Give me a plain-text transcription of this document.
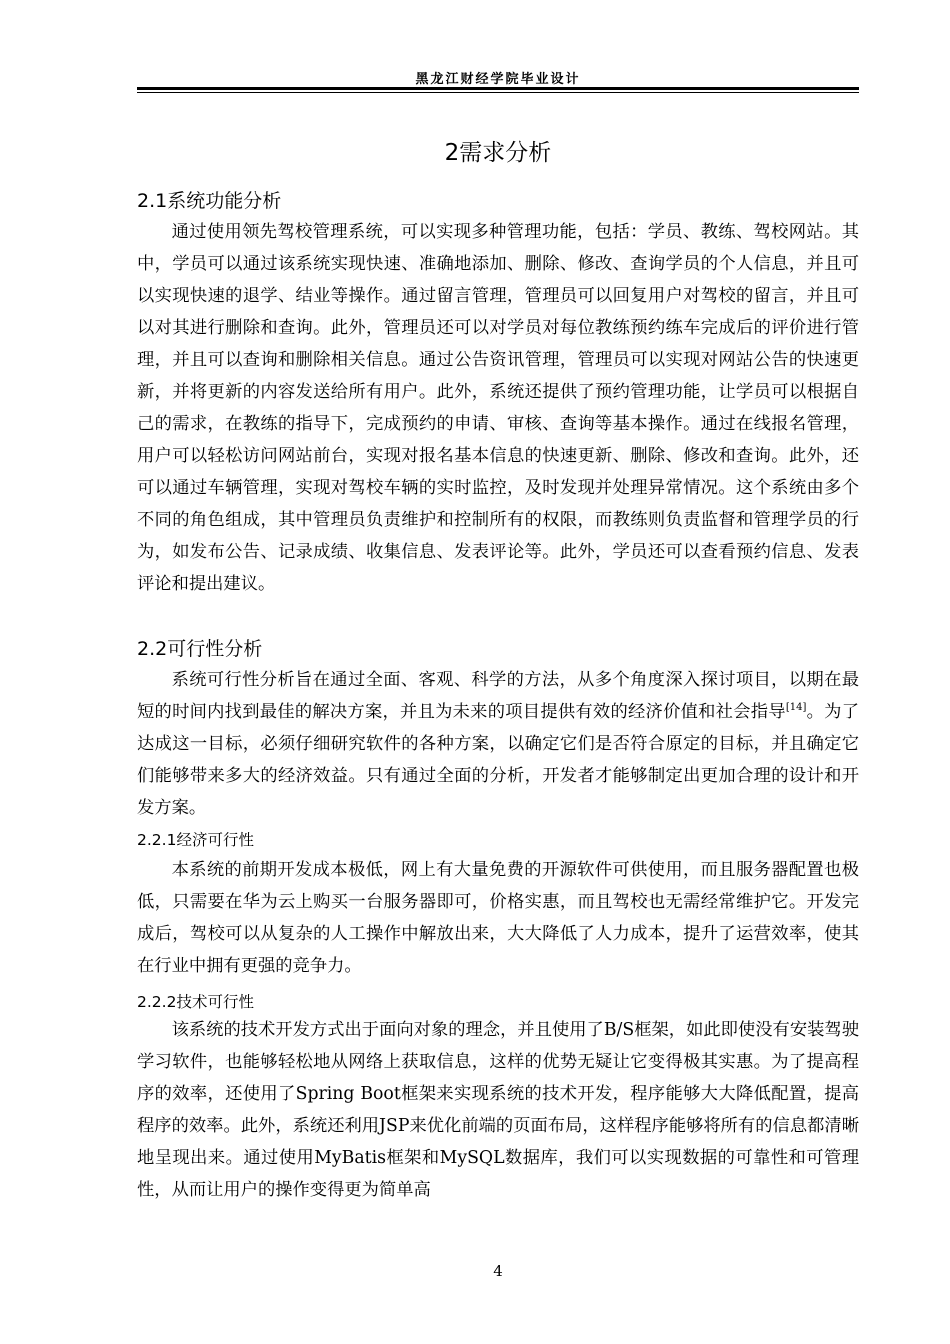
黑龙江财经学院毕业设计
2需求分析
2.1系统功能分析

通过使用领先驾校管理系统，可以实现多种管理功能，包括：学员、教练、驾校网站。其中，学员可以通过该系统实现快速、准确地添加、删除、修改、查询学员的个人信息，并且可以实现快速的退学、结业等操作。通过留言管理，管理员可以回复用户对驾校的留言，并且可以对其进行删除和查询。此外，管理员还可以对学员对每位教练预约练车完成后的评价进行管理，并且可以查询和删除相关信息。通过公告资讯管理，管理员可以实现对网站公告的快速更新，并将更新的内容发送给所有用户。此外，系统还提供了预约管理功能，让学员可以根据自己的需求，在教练的指导下，完成预约的申请、审核、查询等基本操作。通过在线报名管理，用户可以轻松访问网站前台，实现对报名基本信息的快速更新、删除、修改和查询。此外，还可以通过车辆管理，实现对驾校车辆的实时监控，及时发现并处理异常情况。这个系统由多个不同的角色组成，其中管理员负责维护和控制所有的权限，而教练则负责监督和管理学员的行为，如发布公告、记录成绩、收集信息、发表评论等。此外，学员还可以查看预约信息、发表评论和提出建议。

2.2可行性分析

系统可行性分析旨在通过全面、客观、科学的方法，从多个角度深入探讨项目，以期在最短的时间内找到最佳的解决方案，并且为未来的项目提供有效的经济价值和社会指导[14]。为了达成这一目标，必须仔细研究软件的各种方案，以确定它们是否符合原定的目标，并且确定它们能够带来多大的经济效益。只有通过全面的分析，开发者才能够制定出更加合理的设计和开发方案。

2.2.1经济可行性

本系统的前期开发成本极低，网上有大量免费的开源软件可供使用，而且服务器配置也极低，只需要在华为云上购买一台服务器即可，价格实惠，而且驾校也无需经常维护它。开发完成后，驾校可以从复杂的人工操作中解放出来，大大降低了人力成本，提升了运营效率，使其在行业中拥有更强的竞争力。

2.2.2技术可行性

该系统的技术开发方式出于面向对象的理念，并且使用了B/S框架，如此即使没有安装驾驶学习软件，也能够轻松地从网络上获取信息，这样的优势无疑让它变得极其实惠。为了提高程序的效率，还使用了Spring Boot框架来实现系统的技术开发，程序能够大大降低配置，提高程序的效率。此外，系统还利用JSP来优化前端的页面布局，这样程序能够将所有的信息都清晰地呈现出来。通过使用MyBatis框架和MySQL数据库，我们可以实现数据的可靠性和可管理性，从而让用户的操作变得更为简单高

4
